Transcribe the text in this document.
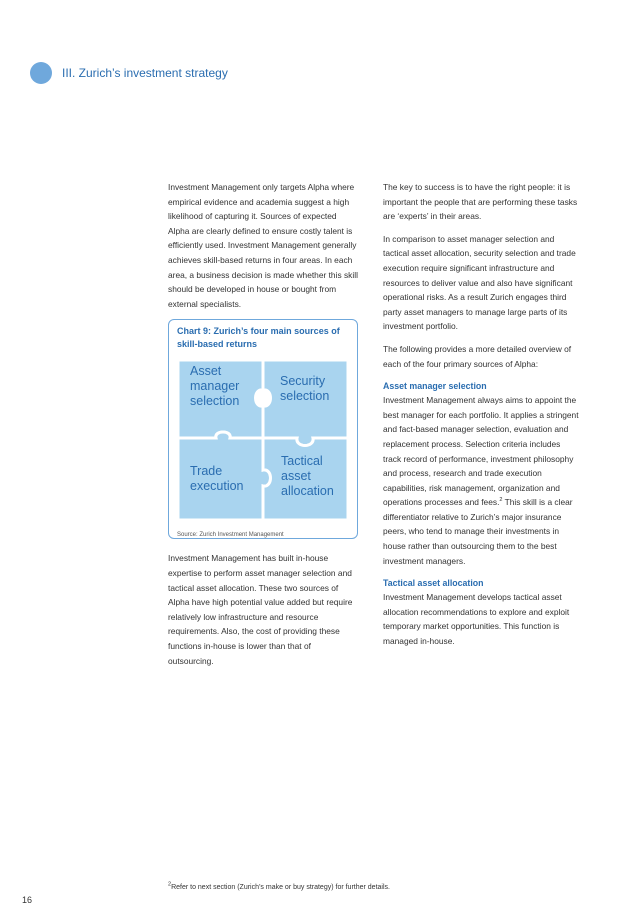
III. Zurich’s investment strategy

Investment Management only targets Alpha where empirical evidence and academia suggest a high likelihood of capturing it. Sources of expected Alpha are clearly defined to ensure costly talent is efficiently used. Investment Management generally achieves skill-based returns in four areas. In each area, a business decision is made whether this skill should be developed in house or bought from external specialists.

Chart 9: Zurich’s four main sources of skill-based returns
Asset manager selection
Security selection
Trade execution
Tactical asset allocation
Source: Zurich Investment Management

Investment Management has built in-house expertise to perform asset manager selection and tactical asset allocation. These two sources of Alpha have high potential value added but require relatively low infrastructure and resource requirements. Also, the cost of providing these functions in-house is lower than that of outsourcing.

The key to success is to have the right people: it is important the people that are performing these tasks are ‘experts’ in their areas.

In comparison to asset manager selection and tactical asset allocation, security selection and trade execution require significant infrastructure and resources to deliver value and also have significant operational risks. As a result Zurich engages third party asset managers to manage large parts of its investment portfolio.

The following provides a more detailed overview of each of the four primary sources of Alpha:

Asset manager selection

Investment Management always aims to appoint the best manager for each portfolio. It applies a stringent and fact-based manager selection, evaluation and replacement process. Selection criteria includes track record of performance, investment philosophy and process, research and trade execution capabilities, risk management, organization and operations processes and fees.$^2$ This skill is a clear differentiator relative to Zurich’s major insurance peers, who tend to manage their investments in house rather than outsourcing them to the best investment managers.

Tactical asset allocation

Investment Management develops tactical asset allocation recommendations to explore and exploit temporary market opportunities. This function is managed in-house.

$^2$Refer to next section (Zurich’s make or buy strategy) for further details.
16
